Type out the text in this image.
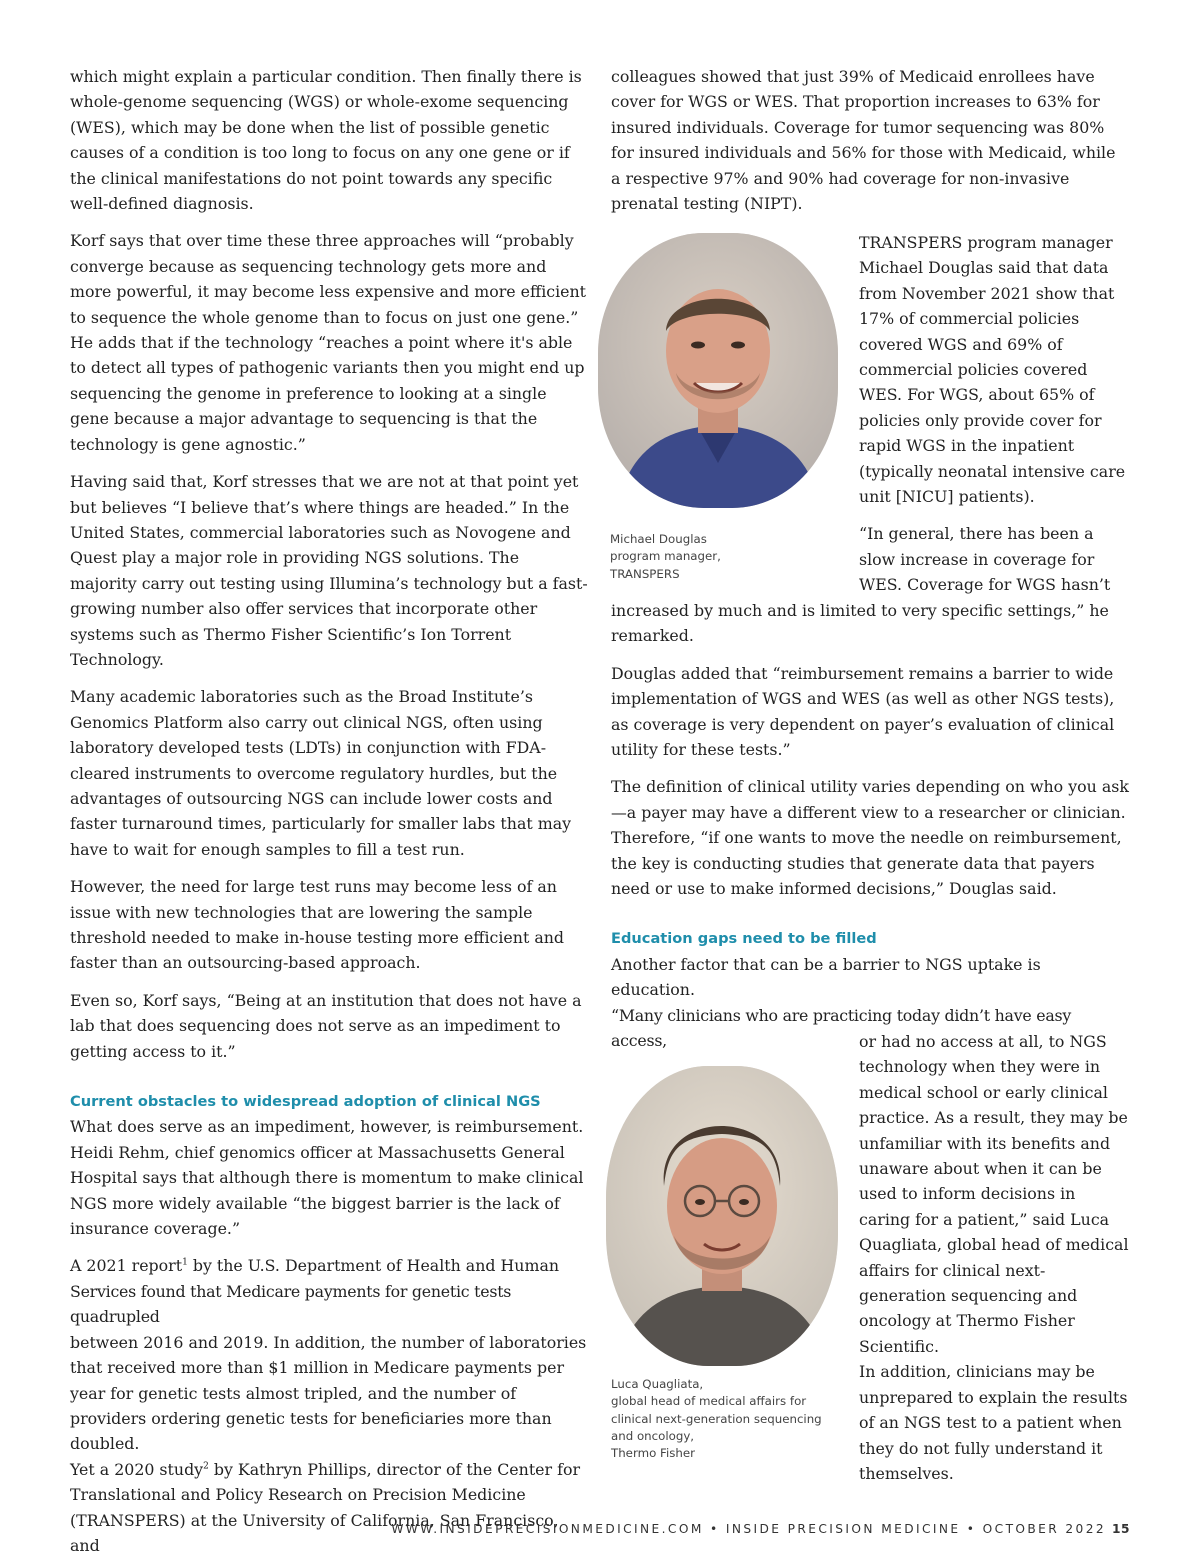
which might explain a particular condition. Then finally there is whole-genome sequencing (WGS) or whole-exome sequencing (WES), which may be done when the list of possible genetic causes of a condition is too long to focus on any one gene or if the clinical manifestations do not point towards any specific well-defined diagnosis.

Korf says that over time these three approaches will “probably converge because as sequencing technology gets more and more powerful, it may become less expensive and more efficient to sequence the whole genome than to focus on just one gene.” He adds that if the technology “reaches a point where it's able to detect all types of pathogenic variants then you might end up sequencing the genome in preference to looking at a single gene because a major advantage to sequencing is that the technology is gene agnostic.”

Having said that, Korf stresses that we are not at that point yet but believes “I believe that’s where things are headed.” In the United States, commercial laboratories such as Novogene and Quest play a major role in providing NGS solutions. The majority carry out testing using Illumina’s technology but a fast-growing number also offer services that incorporate other systems such as Thermo Fisher Scientific’s Ion Torrent Technology.

Many academic laboratories such as the Broad Institute’s Genomics Platform also carry out clinical NGS, often using laboratory developed tests (LDTs) in conjunction with FDA-cleared instruments to overcome regulatory hurdles, but the advantages of outsourcing NGS can include lower costs and faster turnaround times, particularly for smaller labs that may have to wait for enough samples to fill a test run.

However, the need for large test runs may become less of an issue with new technologies that are lowering the sample threshold needed to make in-house testing more efficient and faster than an outsourcing-based approach.

Even so, Korf says, “Being at an institution that does not have a lab that does sequencing does not serve as an impediment to getting access to it.”

Current obstacles to widespread adoption of clinical NGS

What does serve as an impediment, however, is reimbursement. Heidi Rehm, chief genomics officer at Massachusetts General Hospital says that although there is momentum to make clinical NGS more widely available “the biggest barrier is the lack of insurance coverage.”

A 2021 report$^1$ by the U.S. Department of Health and Human

Services found that Medicare payments for genetic tests quadrupled

between 2016 and 2019. In addition, the number of laboratories that received more than $1 million in Medicare payments per year for genetic tests almost tripled, and the number of providers ordering genetic tests for beneficiaries more than doubled.

Yet a 2020 study$^2$ by Kathryn Phillips, director of the Center for Translational and Policy Research on Precision Medicine (TRANSPERS) at the University of California, San Francisco, and

colleagues showed that just 39% of Medicaid enrollees have cover for WGS or WES. That proportion increases to 63% for insured individuals. Coverage for tumor sequencing was 80% for insured individuals and 56% for those with Medicaid, while a respective 97% and 90% had coverage for non-invasive prenatal testing (NIPT).

Michael Douglas
program manager,
TRANSPERS

TRANSPERS program manager Michael Douglas said that data from November 2021 show that 17% of commercial policies covered WGS and 69% of commercial policies covered WES. For WGS, about 65% of policies only provide cover for rapid WGS in the inpatient (typically neonatal intensive care unit [NICU] patients).

“In general, there has been a slow increase in coverage for WES. Coverage for WGS hasn’t

increased by much and is limited to very specific settings,” he remarked.

Douglas added that “reimbursement remains a barrier to wide implementation of WGS and WES (as well as other NGS tests), as coverage is very dependent on payer’s evaluation of clinical utility for these tests.”

The definition of clinical utility varies depending on who you ask —a payer may have a different view to a researcher or clinician. Therefore, “if one wants to move the needle on reimbursement, the key is conducting studies that generate data that payers need or use to make informed decisions,” Douglas said.

Education gaps need to be filled

Another factor that can be a barrier to NGS uptake is education.

“Many clinicians who are practicing today didn’t have easy access,

Luca Quagliata,
global head of medical affairs for
clinical next-generation sequencing
and oncology,
Thermo Fisher

or had no access at all, to NGS technology when they were in medical school or early clinical practice. As a result, they may be unfamiliar with its benefits and unaware about when it can be used to inform decisions in caring for a patient,” said Luca Quagliata, global head of medical affairs for clinical next-generation sequencing and oncology at Thermo Fisher Scientific.

In addition, clinicians may be unprepared to explain the results of an NGS test to a patient when they do not fully understand it themselves.

WWW.INSIDEPRECISIONMEDICINE.COM • INSIDE PRECISION MEDICINE • OCTOBER 2022 15
